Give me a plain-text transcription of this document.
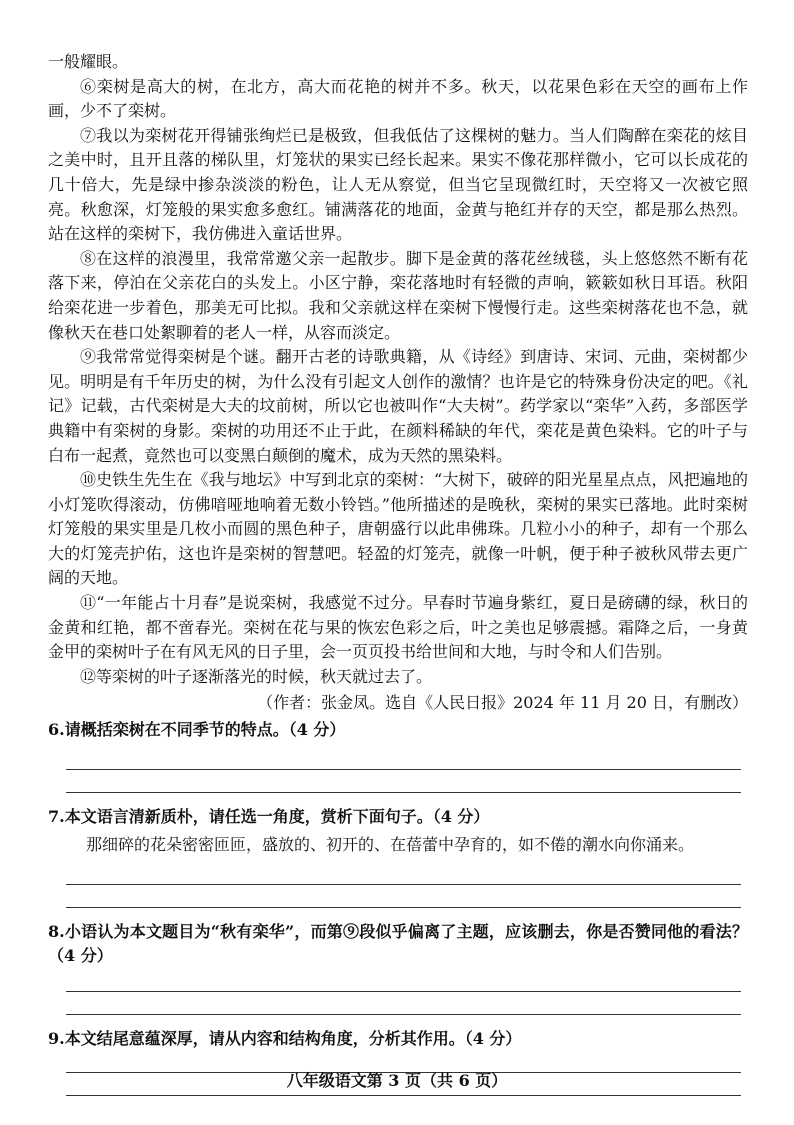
一般耀眼。

⑥栾树是高大的树，在北方，高大而花艳的树并不多。秋天，以花果色彩在天空的画布上作画，少不了栾树。

⑦我以为栾树花开得铺张绚烂已是极致，但我低估了这棵树的魅力。当人们陶醉在栾花的炫目之美中时，且开且落的梯队里，灯笼状的果实已经长起来。果实不像花那样微小，它可以长成花的几十倍大，先是绿中掺杂淡淡的粉色，让人无从察觉，但当它呈现微红时，天空将又一次被它照亮。秋愈深，灯笼般的果实愈多愈红。铺满落花的地面，金黄与艳红并存的天空，都是那么热烈。站在这样的栾树下，我仿佛进入童话世界。

⑧在这样的浪漫里，我常常邀父亲一起散步。脚下是金黄的落花丝绒毯，头上悠悠然不断有花落下来，停泊在父亲花白的头发上。小区宁静，栾花落地时有轻微的声响，簌簌如秋日耳语。秋阳给栾花进一步着色，那美无可比拟。我和父亲就这样在栾树下慢慢行走。这些栾树落花也不急，就像秋天在巷口处絮聊着的老人一样，从容而淡定。

⑨我常常觉得栾树是个谜。翻开古老的诗歌典籍，从《诗经》到唐诗、宋词、元曲，栾树都少见。明明是有千年历史的树，为什么没有引起文人创作的激情？也许是它的特殊身份决定的吧。《礼记》记载，古代栾树是大夫的坟前树，所以它也被叫作“大夫树”。药学家以“栾华”入药，多部医学典籍中有栾树的身影。栾树的功用还不止于此，在颜料稀缺的年代，栾花是黄色染料。它的叶子与白布一起煮，竟然也可以变黑白颠倒的魔术，成为天然的黑染料。

⑩史铁生先生在《我与地坛》中写到北京的栾树：“大树下，破碎的阳光星星点点，风把遍地的小灯笼吹得滚动，仿佛喑哑地响着无数小铃铛。”他所描述的是晚秋，栾树的果实已落地。此时栾树灯笼般的果实里是几枚小而圆的黑色种子，唐朝盛行以此串佛珠。几粒小小的种子，却有一个那么大的灯笼壳护佑，这也许是栾树的智慧吧。轻盈的灯笼壳，就像一叶帆，便于种子被秋风带去更广阔的天地。

⑪“一年能占十月春”是说栾树，我感觉不过分。早春时节遍身紫红，夏日是磅礴的绿，秋日的金黄和红艳，都不啻春光。栾树在花与果的恢宏色彩之后，叶之美也足够震撼。霜降之后，一身黄金甲的栾树叶子在有风无风的日子里，会一页页投书给世间和大地，与时令和人们告别。

⑫等栾树的叶子逐渐落光的时候，秋天就过去了。

（作者：张金凤。选自《人民日报》2024 年 11 月 20 日，有删改）

6.请概括栾树在不同季节的特点。（4 分）

7.本文语言清新质朴，请任选一角度，赏析下面句子。（4 分）

那细碎的花朵密密匝匝，盛放的、初开的、在蓓蕾中孕育的，如不倦的潮水向你涌来。

8.小语认为本文题目为“秋有栾华”，而第⑨段似乎偏离了主题，应该删去，你是否赞同他的看法？（4 分）

9.本文结尾意蕴深厚，请从内容和结构角度，分析其作用。（4 分）

八年级语文第 3 页（共 6 页）
